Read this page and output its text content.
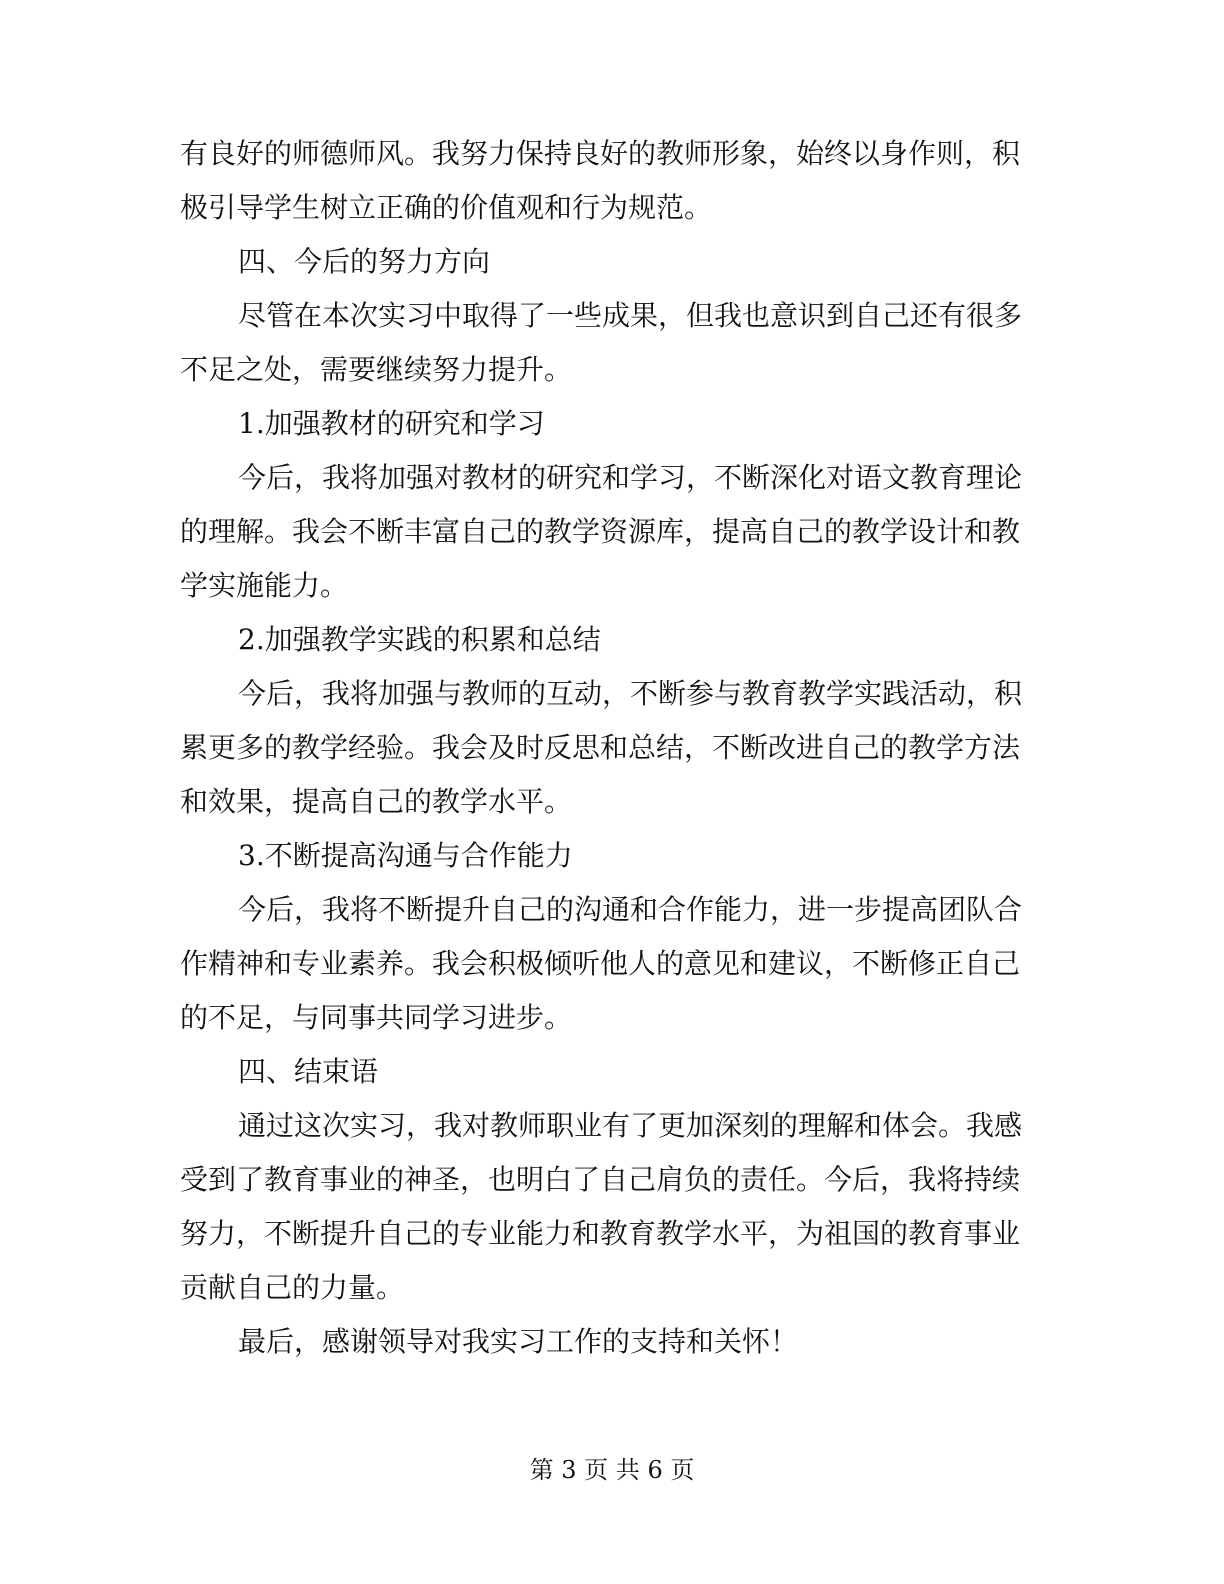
有良好的师德师风。我努力保持良好的教师形象，始终以身作则，积

极引导学生树立正确的价值观和行为规范。

四、今后的努力方向

尽管在本次实习中取得了一些成果，但我也意识到自己还有很多

不足之处，需要继续努力提升。

1.加强教材的研究和学习

今后，我将加强对教材的研究和学习，不断深化对语文教育理论

的理解。我会不断丰富自己的教学资源库，提高自己的教学设计和教

学实施能力。

2.加强教学实践的积累和总结

今后，我将加强与教师的互动，不断参与教育教学实践活动，积

累更多的教学经验。我会及时反思和总结，不断改进自己的教学方法

和效果，提高自己的教学水平。

3.不断提高沟通与合作能力

今后，我将不断提升自己的沟通和合作能力，进一步提高团队合

作精神和专业素养。我会积极倾听他人的意见和建议，不断修正自己

的不足，与同事共同学习进步。

四、结束语

通过这次实习，我对教师职业有了更加深刻的理解和体会。我感

受到了教育事业的神圣，也明白了自己肩负的责任。今后，我将持续

努力，不断提升自己的专业能力和教育教学水平，为祖国的教育事业

贡献自己的力量。

最后，感谢领导对我实习工作的支持和关怀！

第 3 页 共 6 页
